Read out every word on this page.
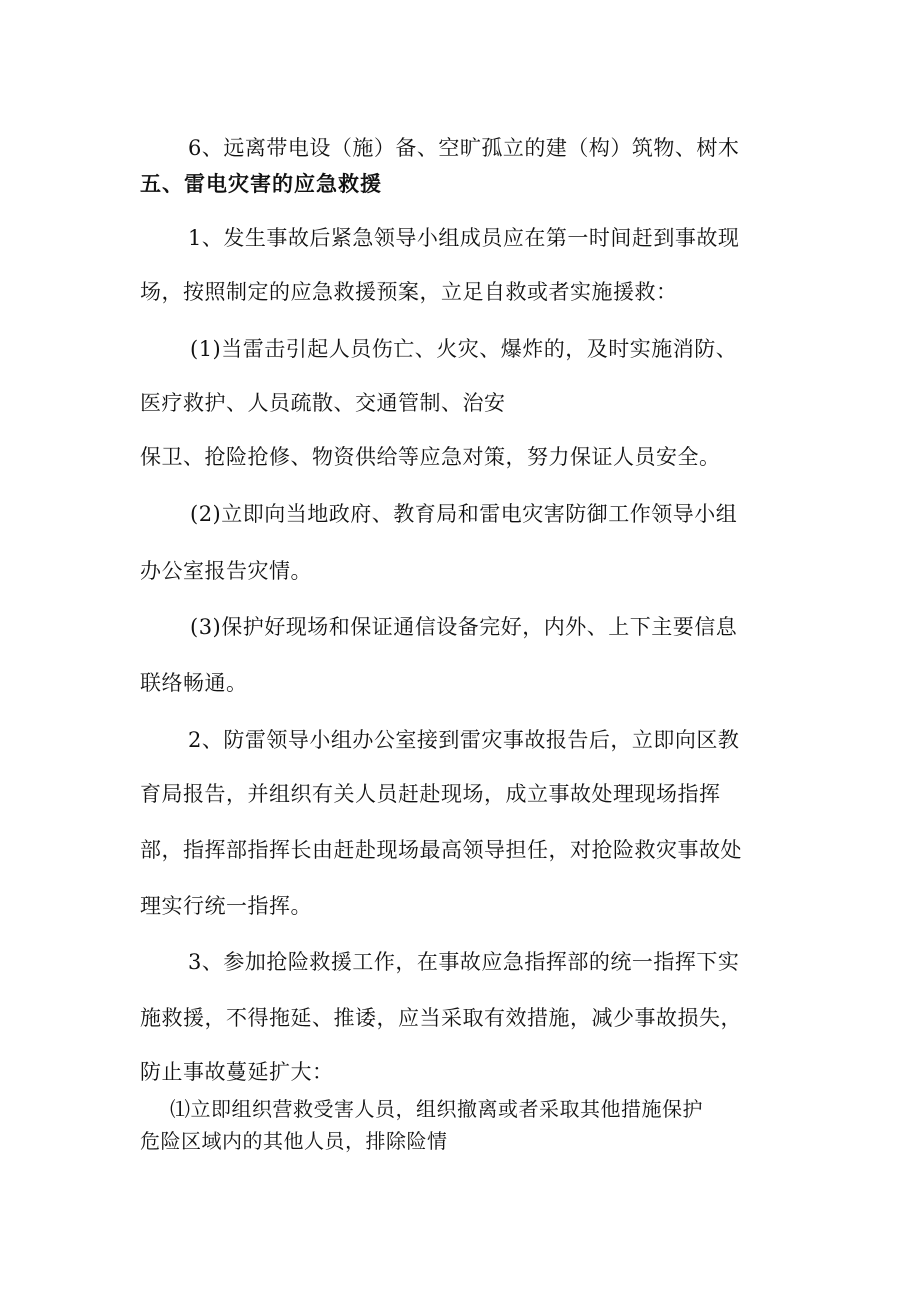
6、远离带电设（施）备、空旷孤立的建（构）筑物、树木
五、雷电灾害的应急救援
1、发生事故后紧急领导小组成员应在第一时间赶到事故现
场，按照制定的应急救援预案，立足自救或者实施援救：
(1)当雷击引起人员伤亡、火灾、爆炸的，及时实施消防、
医疗救护、人员疏散、交通管制、治安
保卫、抢险抢修、物资供给等应急对策，努力保证人员安全。
(2)立即向当地政府、教育局和雷电灾害防御工作领导小组
办公室报告灾情。
(3)保护好现场和保证通信设备完好，内外、上下主要信息
联络畅通。
2、防雷领导小组办公室接到雷灾事故报告后，立即向区教
育局报告，并组织有关人员赶赴现场，成立事故处理现场指挥
部，指挥部指挥长由赶赴现场最高领导担任，对抢险救灾事故处
理实行统一指挥。
3、参加抢险救援工作，在事故应急指挥部的统一指挥下实
施救援，不得拖延、推诿，应当采取有效措施，减少事故损失，
防止事故蔓延扩大：
⑴立即组织营救受害人员，组织撤离或者采取其他措施保护
危险区域内的其他人员，排除险情
